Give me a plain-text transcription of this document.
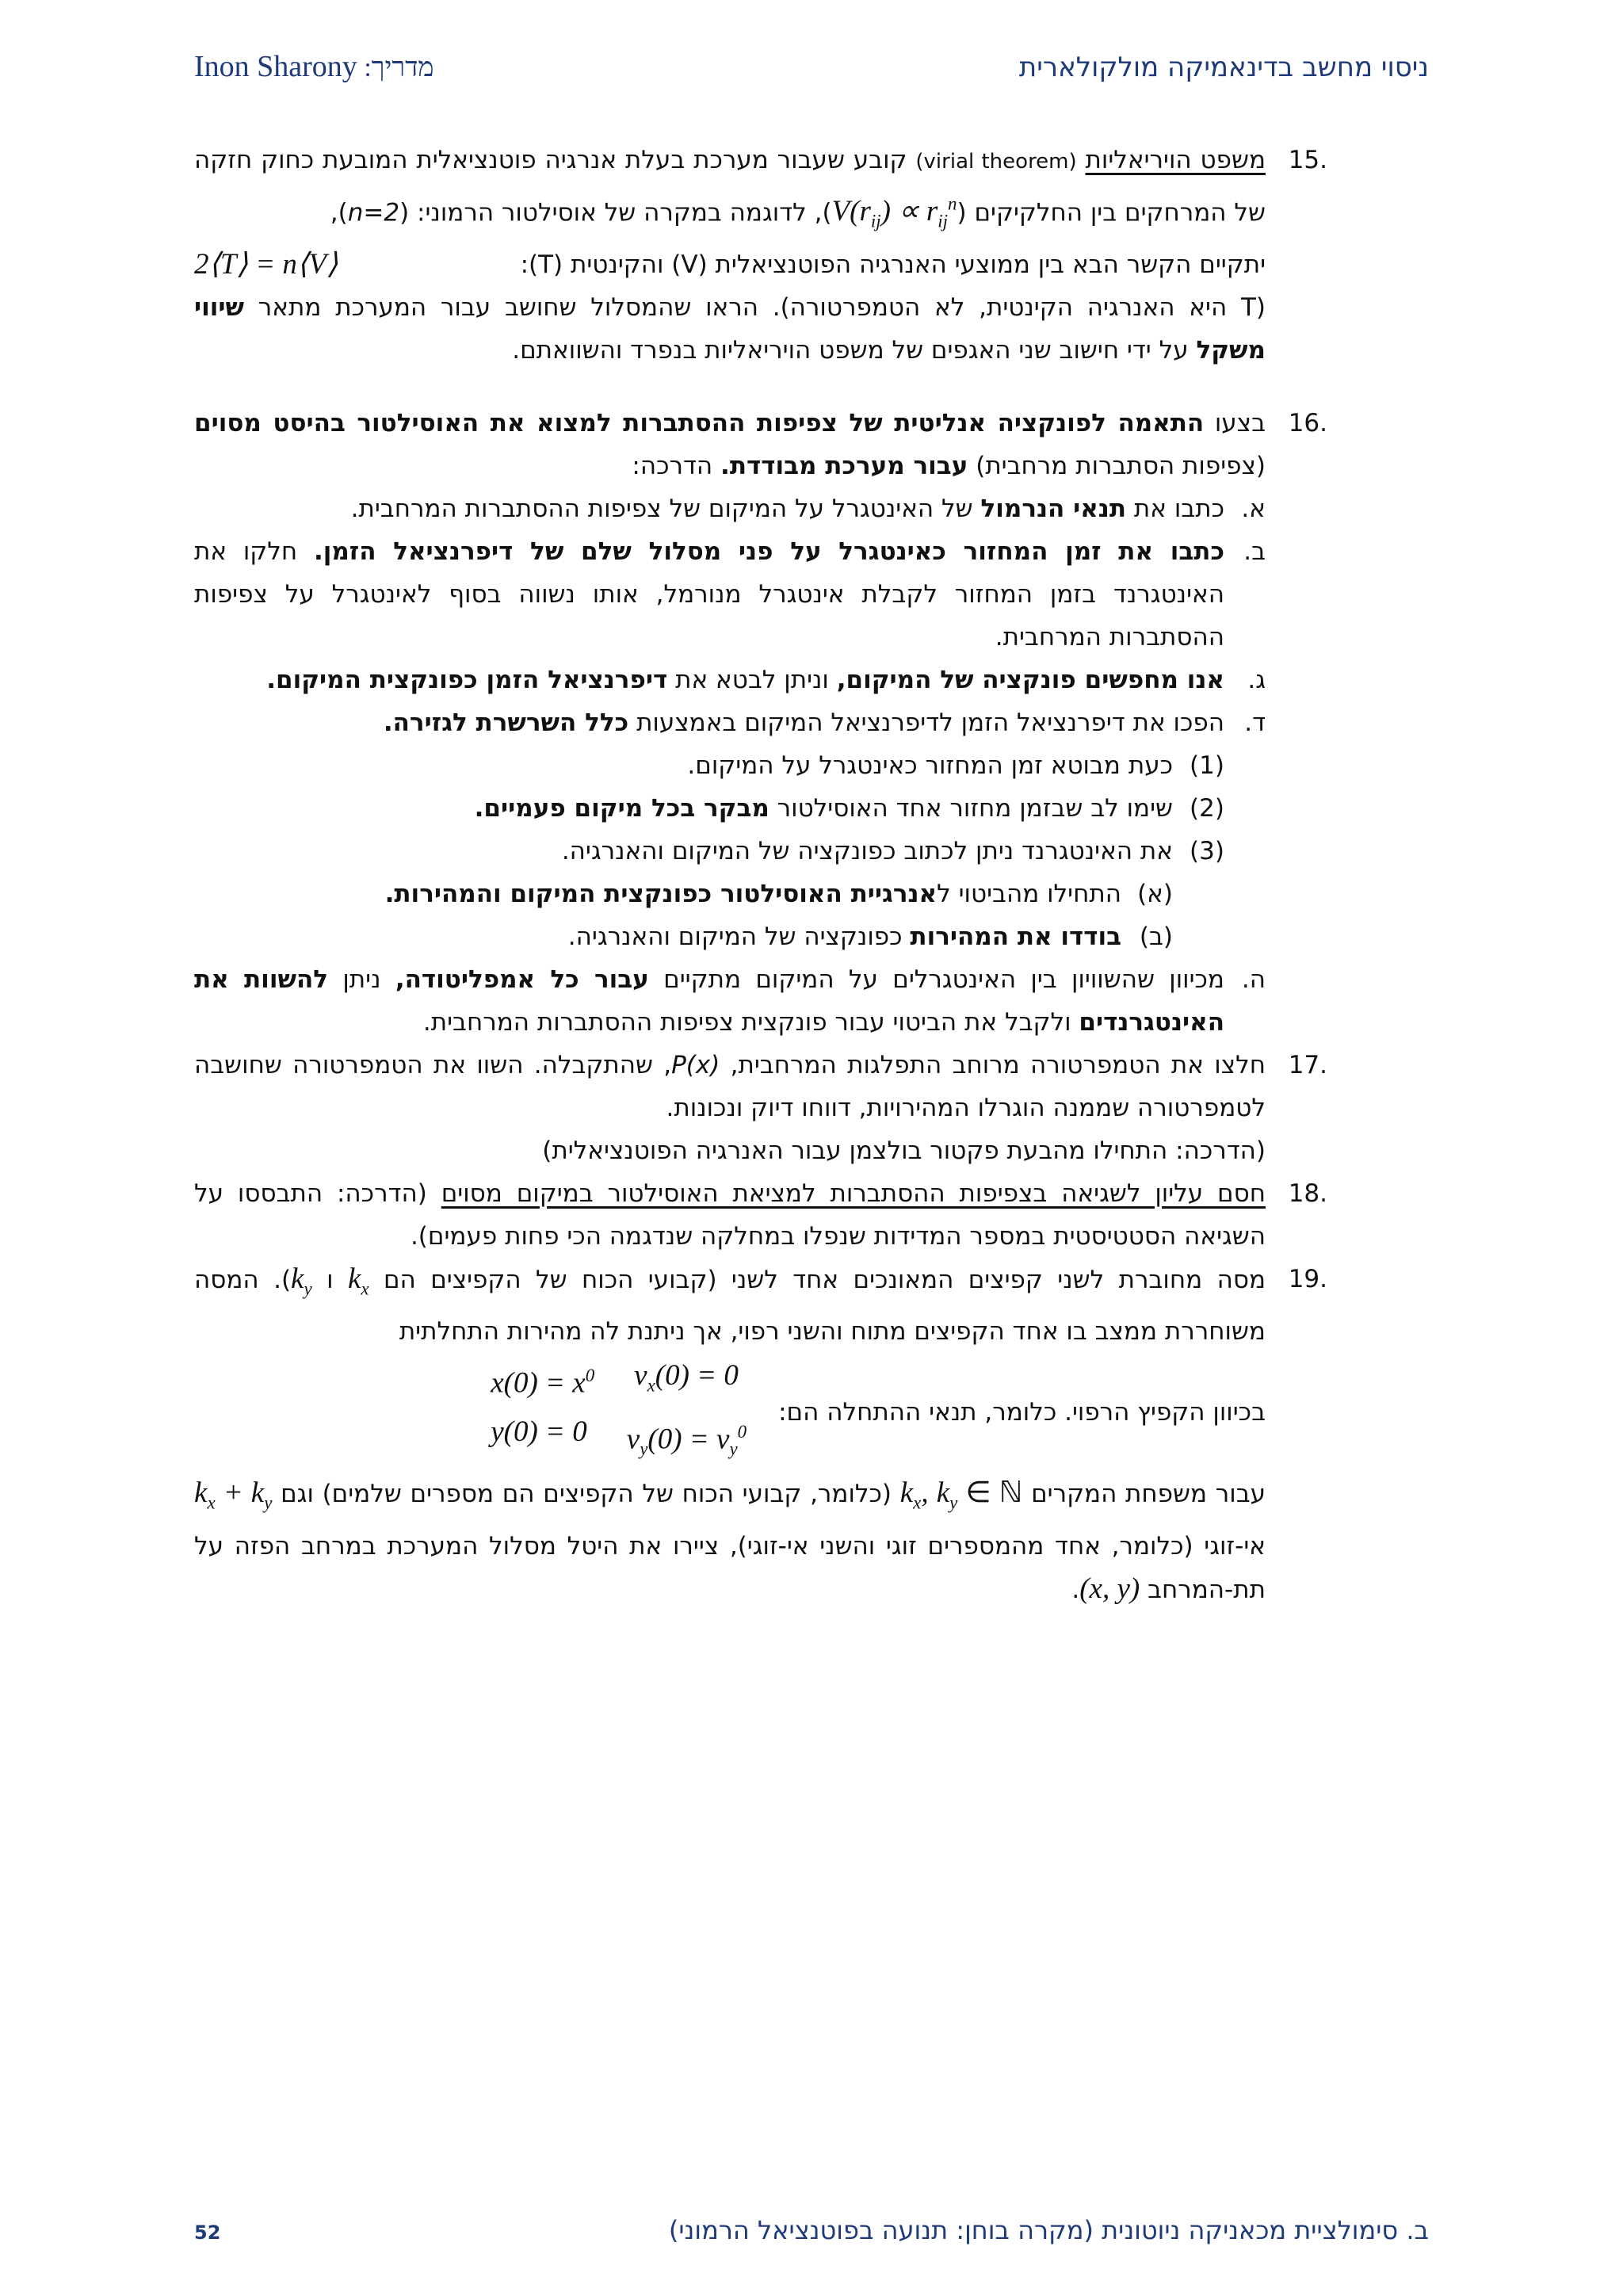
מדריך: Inon Sharony	ניסוי מחשב בדינאמיקה מולקולארית
.15
משפט הויריאליות (virial theorem) קובע שעבור מערכת בעלת אנרגיה פוטנציאלית המובעת כחוק חזקה של המרחקים בין החלקיקים $(V(r_{ij}) \propto r_{ij}^n)$, לדוגמה במקרה של אוסילטור הרמוני: (n=2),
יתקיים הקשר הבא בין ממוצעי האנרגיה הפוטנציאלית (V) והקינטית (T):
2⟨T⟩ = n⟨V⟩

(T היא האנרגיה הקינטית, לא הטמפרטורה). הראו שהמסלול שחושב עבור המערכת מתאר שיווי משקל על ידי חישוב שני האגפים של משפט הויריאליות בנפרד והשוואתם.
.16
בצעו התאמה לפונקציה אנליטית של צפיפות ההסתברות למצוא את האוסילטור בהיסט מסוים (צפיפות הסתברות מרחבית) עבור מערכת מבודדת. הדרכה:
א.
כתבו את תנאי הנרמול של האינטגרל על המיקום של צפיפות ההסתברות המרחבית.
ב.
כתבו את זמן המחזור כאינטגרל על פני מסלול שלם של דיפרנציאל הזמן. חלקו את האינטגרנד בזמן המחזור לקבלת אינטגרל מנורמל, אותו נשווה בסוף לאינטגרל על צפיפות ההסתברות המרחבית.
ג.
אנו מחפשים פונקציה של המיקום, וניתן לבטא את דיפרנציאל הזמן כפונקצית המיקום.
ד.
הפכו את דיפרנציאל הזמן לדיפרנציאל המיקום באמצעות כלל השרשרת לגזירה.
(1)
כעת מבוטא זמן המחזור כאינטגרל על המיקום.
(2)
שימו לב שבזמן מחזור אחד האוסילטור מבקר בכל מיקום פעמיים.
(3)
את האינטגרנד ניתן לכתוב כפונקציה של המיקום והאנרגיה.
(א)
התחילו מהביטוי לאנרגיית האוסילטור כפונקצית המיקום והמהירות.
(ב)
בודדו את המהירות כפונקציה של המיקום והאנרגיה.
ה.
מכיוון שהשוויון בין האינטגרלים על המיקום מתקיים עבור כל אמפליטודה, ניתן להשוות את האינטגרנדים ולקבל את הביטוי עבור פונקצית צפיפות ההסתברות המרחבית.
.17
חלצו את הטמפרטורה מרוחב התפלגות המרחבית, P(x), שהתקבלה. השוו את הטמפרטורה שחושבה לטמפרטורה שממנה הוגרלו המהירויות, דווחו דיוק ונכונות.
(הדרכה: התחילו מהבעת פקטור בולצמן עבור האנרגיה הפוטנציאלית)
.18
חסם עליון לשגיאה בצפיפות ההסתברות למציאת האוסילטור במיקום מסוים (הדרכה: התבססו על השגיאה הסטטיסטית במספר המדידות שנפלו במחלקה שנדגמה הכי פחות פעמים).
.19
מסה מחוברת לשני קפיצים המאונכים אחד לשני (קבועי הכוח של הקפיצים הם $k_x$ ו $k_y$). המסה משוחררת ממצב בו אחד הקפיצים מתוח והשני רפוי, אך ניתנת לה מהירות התחלתית
בכיוון הקפיץ הרפוי. כלומר, תנאי ההתחלה הם:
$x(0) = x^0$ $v_x(0) = 0$
y(0) = 0 $v_y(0) = v_y^0$
עבור משפחת המקרים $k_x$, $k_y$ ∈ ℕ (כלומר, קבועי הכוח של הקפיצים הם מספרים שלמים) וגם $k_x + k_y$ אי-זוגי (כלומר, אחד מהמספרים זוגי והשני אי-זוגי), ציירו את היטל מסלול המערכת במרחב הפזה על תת-המרחב (x, y).
52	ב. סימולציית מכאניקה ניוטונית (מקרה בוחן: תנועה בפוטנציאל הרמוני)
